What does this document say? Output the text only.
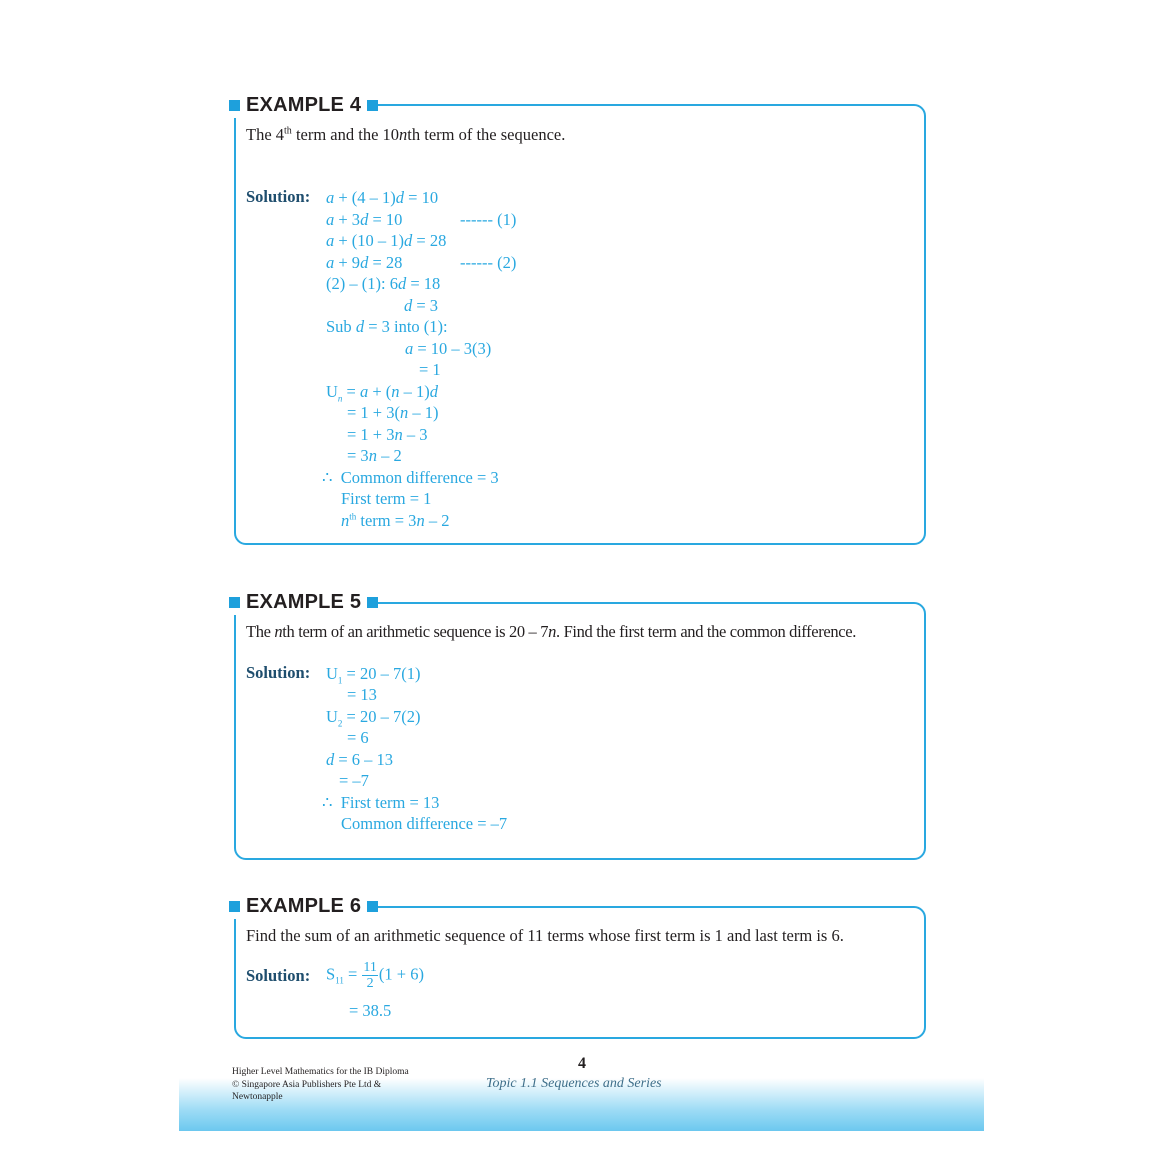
EXAMPLE 4
The 4th term and the 10nth term of the sequence.
Solution: a + (4 – 1)d = 10
a + 3d = 10	------ (1)
a + (10 – 1)d = 28
a + 9d = 28	------ (2)
(2) – (1): 6d = 18
d = 3
Sub d = 3 into (1):
a = 10 – 3(3)
= 1
$U_n = a + (n - 1)d$
= 1 + 3(n – 1)
= 1 + 3n – 3
= 3n – 2
∴  Common difference = 3
First term = 1
$n^{th}$ term = 3n – 2
EXAMPLE 5
The nth term of an arithmetic sequence is 20 – 7n. Find the first term and the common difference.
Solution: $U_1 = 20 - 7(1)$
= 13
$U_2 = 20 - 7(2)$
= 6
d = 6 – 13
= –7
∴  First term = 13
Common difference = –7
EXAMPLE 6
Find the sum of an arithmetic sequence of 11 terms whose first term is 1 and last term is 6.
Solution: $S_{11} = \frac{11}{2} (1 + 6)$
= 38.5
Higher Level Mathematics for the IB Diploma
© Singapore Asia Publishers Pte Ltd &
Newtonapple
4
Topic 1.1 Sequences and Series
